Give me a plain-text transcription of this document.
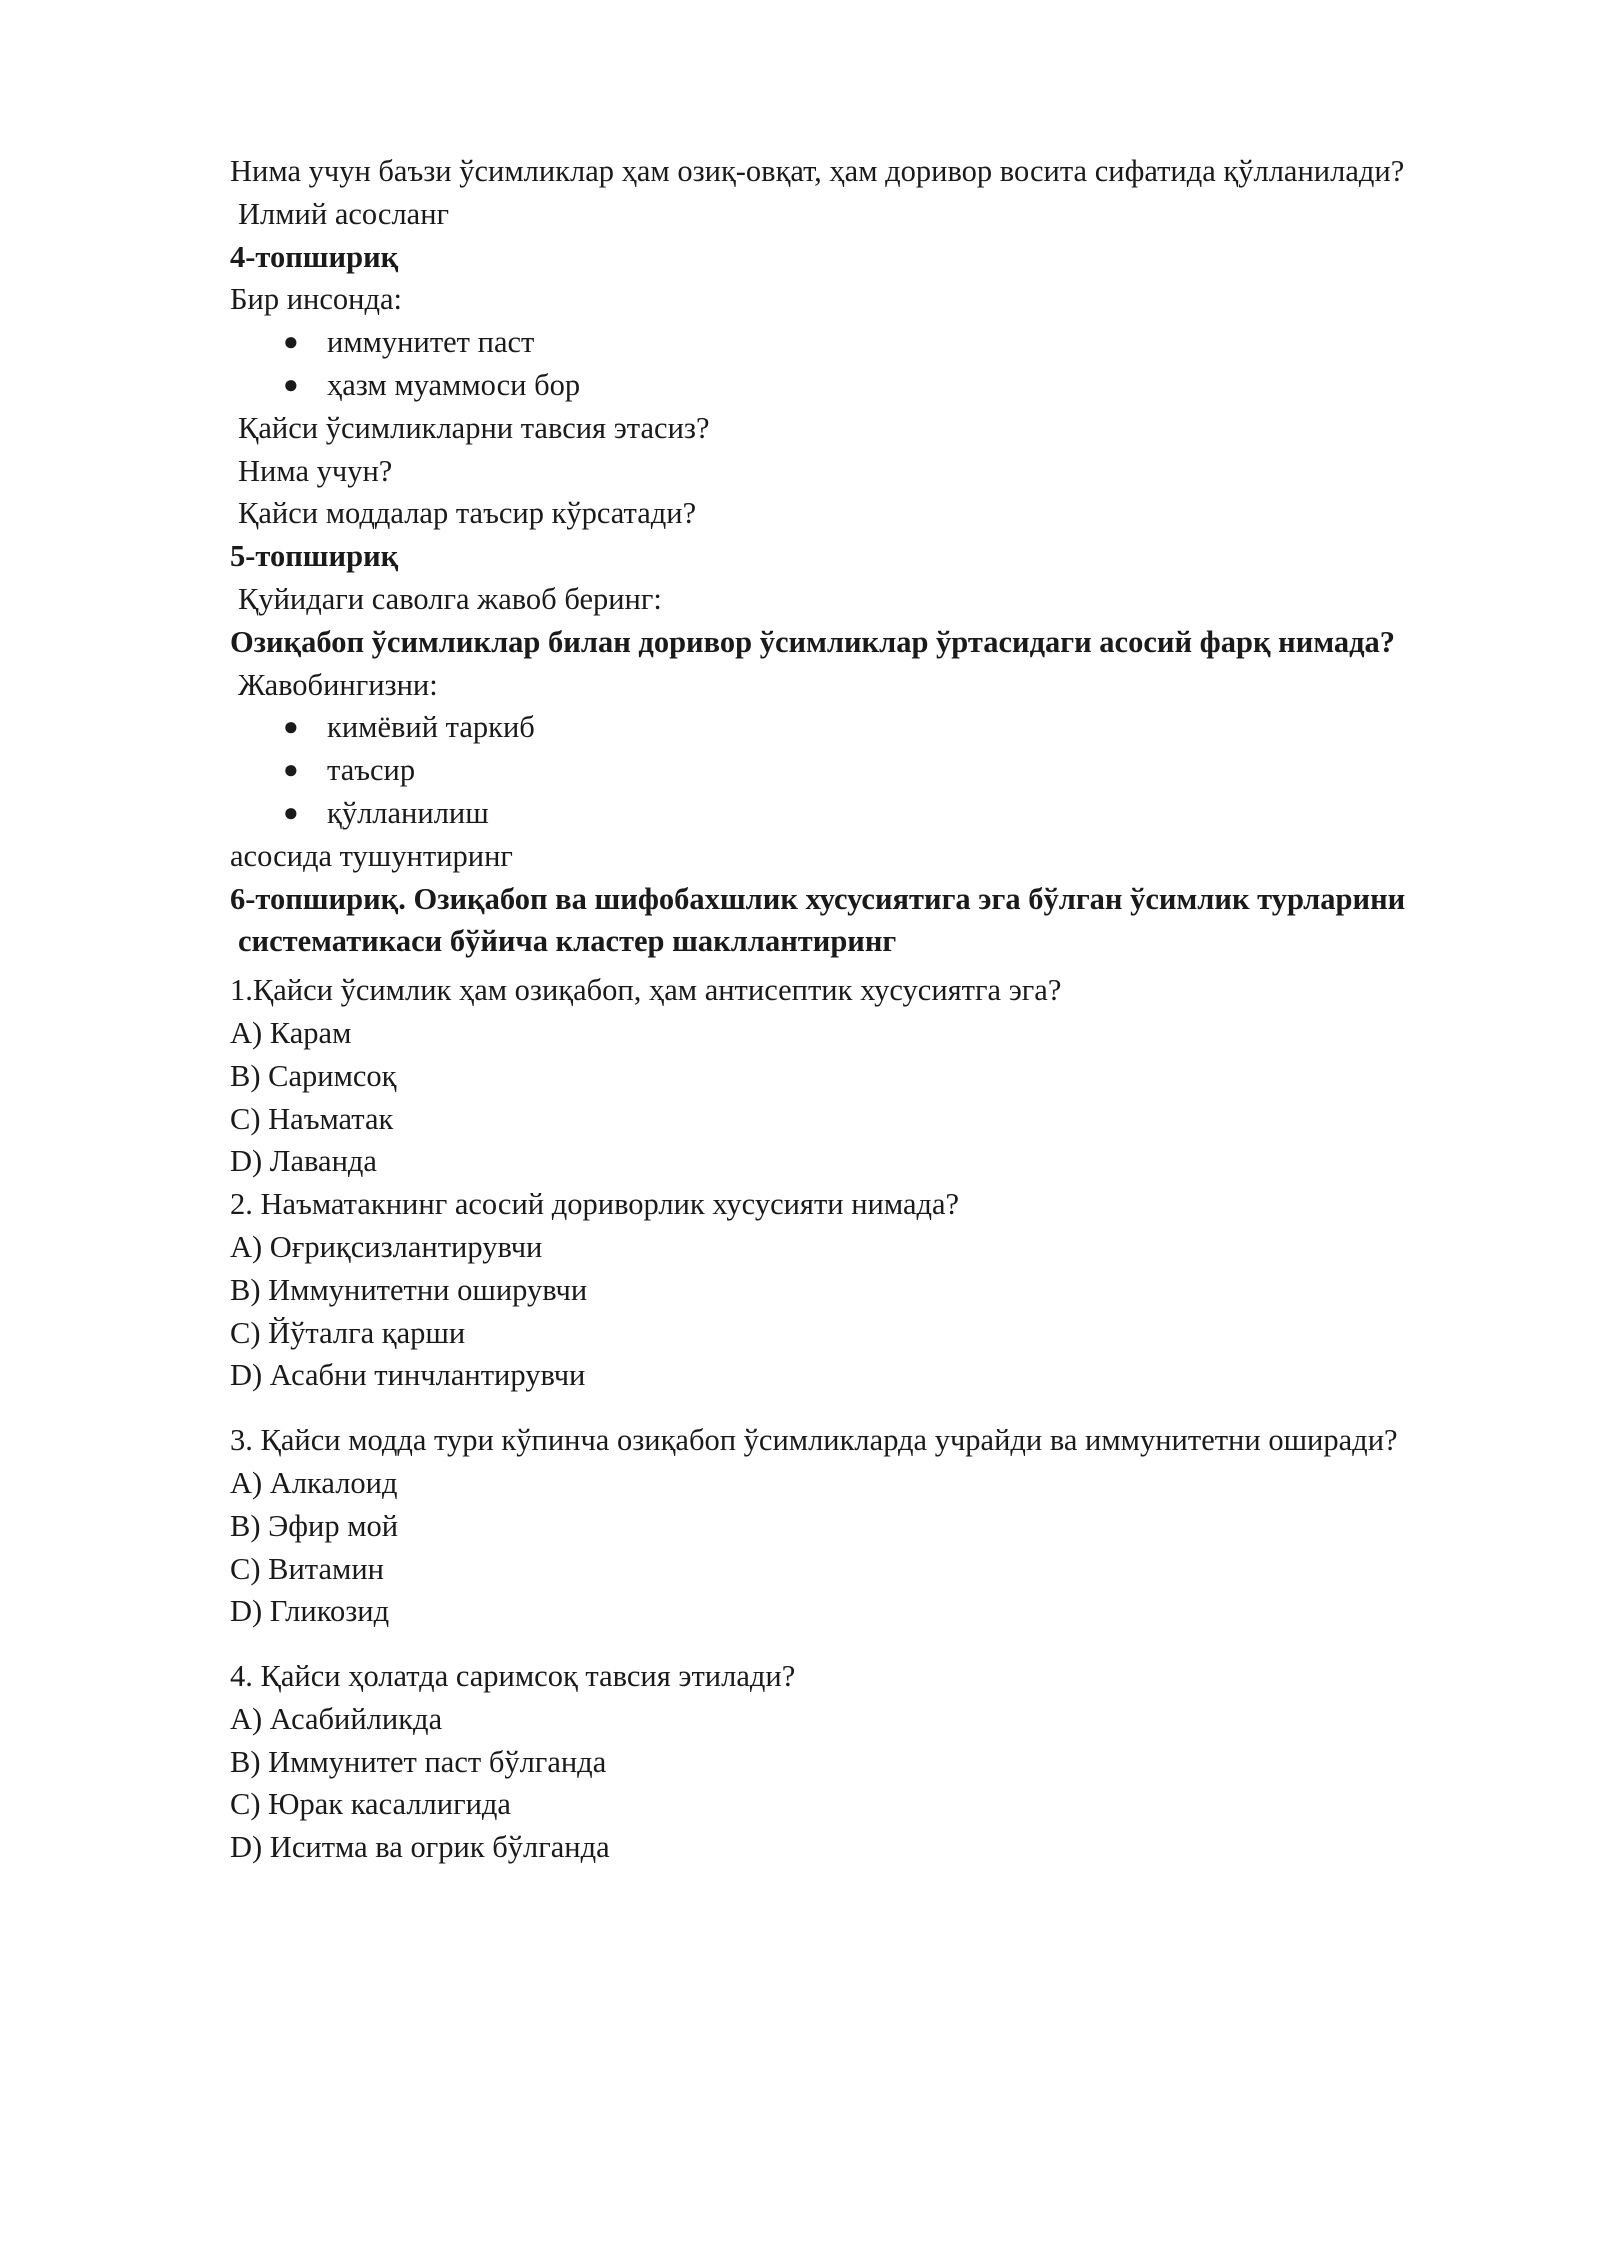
Нима учун баъзи ўсимликлар ҳам озиқ-овқат, ҳам доривор восита сифатида қўлланилади?
Илмий асосланг
4-топшириқ
Бир инсонда:
● иммунитет паст
● ҳазм муаммоси бор
Қайси ўсимликларни тавсия этасиз?
Нима учун?
Қайси моддалар таъсир кўрсатади?
5-топшириқ
Қуйидаги саволга жавоб беринг:
Озиқабоп ўсимликлар билан доривор ўсимликлар ўртасидаги асосий фарқ нимада?
Жавобингизни:
● кимёвий таркиб
● таъсир
● қўлланилиш
асосида тушунтиринг
6-топшириқ. Озиқабоп ва шифобахшлик хусусиятига эга бўлган ўсимлик турларини
систематикаси бўйича кластер шакллантиринг
1.Қайси ўсимлик ҳам озиқабоп, ҳам антисептик хусусиятга эга?
A) Карам
B) Саримсоқ
C) Наъматак
D) Лаванда
2. Наъматакнинг асосий дориворлик хусусияти нимада?
A) Оғриқсизлантирувчи
B) Иммунитетни оширувчи
C) Йўталга қарши
D) Асабни тинчлантирувчи
3. Қайси модда тури кўпинча озиқабоп ўсимликларда учрайди ва иммунитетни оширади?
A) Алкалоид
B) Эфир мой
C) Витамин
D) Гликозид
4. Қайси ҳолатда саримсоқ тавсия этилади?
A) Асабийликда
B) Иммунитет паст бўлганда
C) Юрак касаллигида
D) Иситма ва огрик бўлганда
